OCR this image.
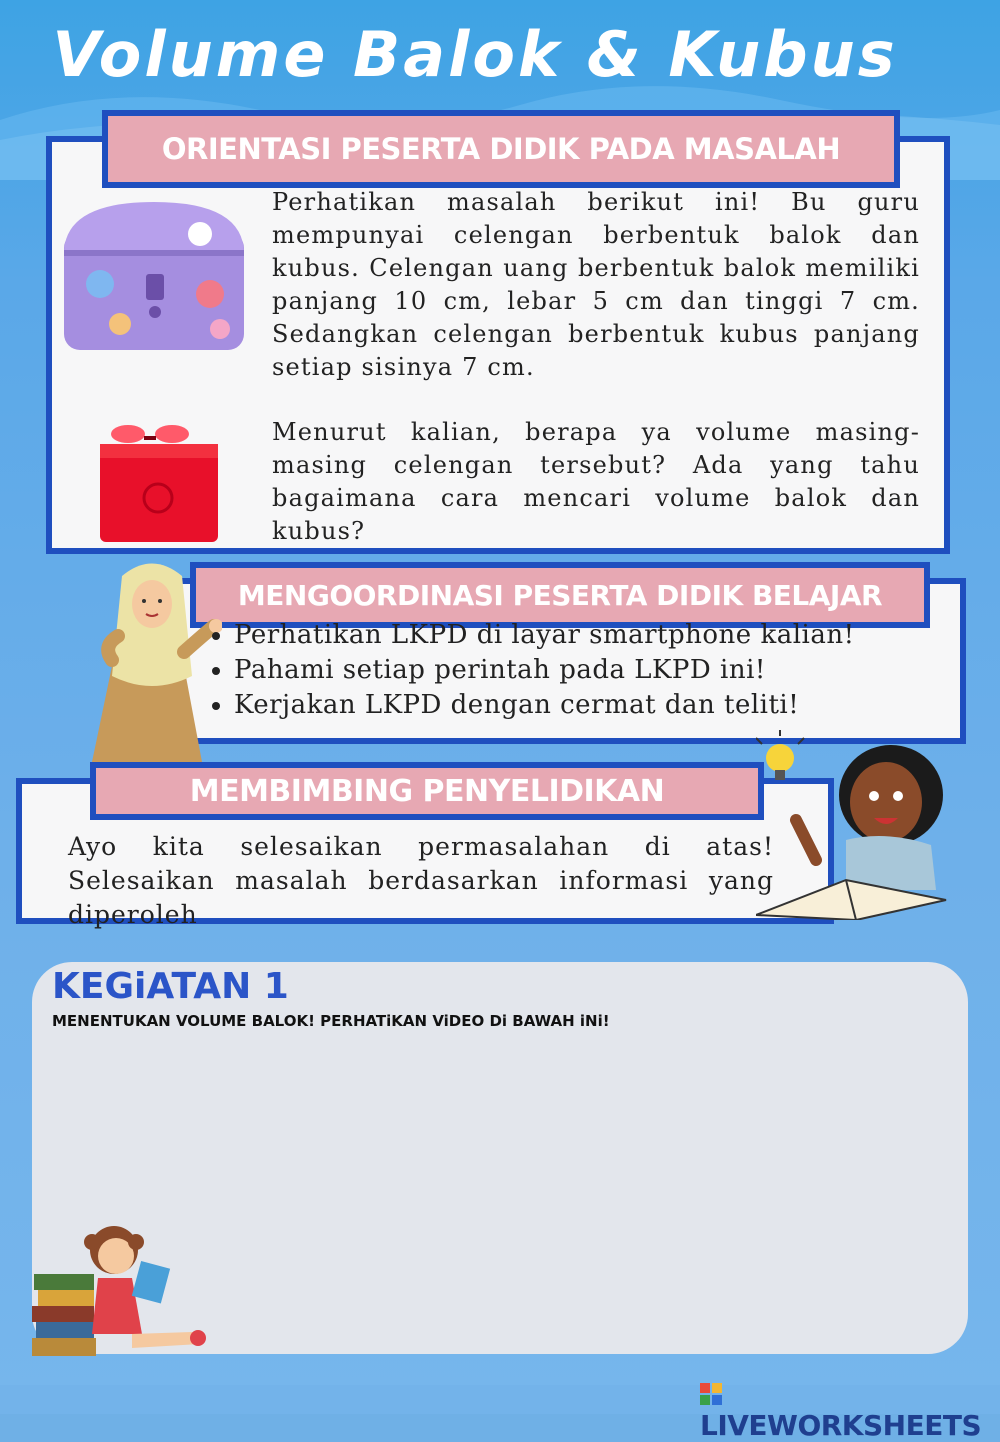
Volume Balok & Kubus
ORIENTASI PESERTA DIDIK PADA MASALAH
Perhatikan masalah berikut ini! Bu guru mempunyai celengan berbentuk balok dan kubus. Celengan uang berbentuk balok memiliki panjang 10 cm, lebar 5 cm dan tinggi 7 cm. Sedangkan celengan berbentuk kubus panjang setiap sisinya 7 cm.
Menurut kalian, berapa ya volume masing-masing celengan tersebut? Ada yang tahu bagaimana cara mencari volume balok dan kubus?
MENGOORDINASI PESERTA DIDIK BELAJAR
• Perhatikan LKPD di layar smartphone kalian!
• Pahami setiap perintah pada LKPD ini!
• Kerjakan LKPD dengan cermat dan teliti!
MEMBIMBING PENYELIDIKAN
Ayo kita selesaikan permasalahan di atas! Selesaikan masalah berdasarkan informasi yang diperoleh
KEGiATAN 1
MENENTUKAN VOLUME BALOK! PERHATiKAN ViDEO Di BAWAH iNi!
LIVEWORKSHEETS
